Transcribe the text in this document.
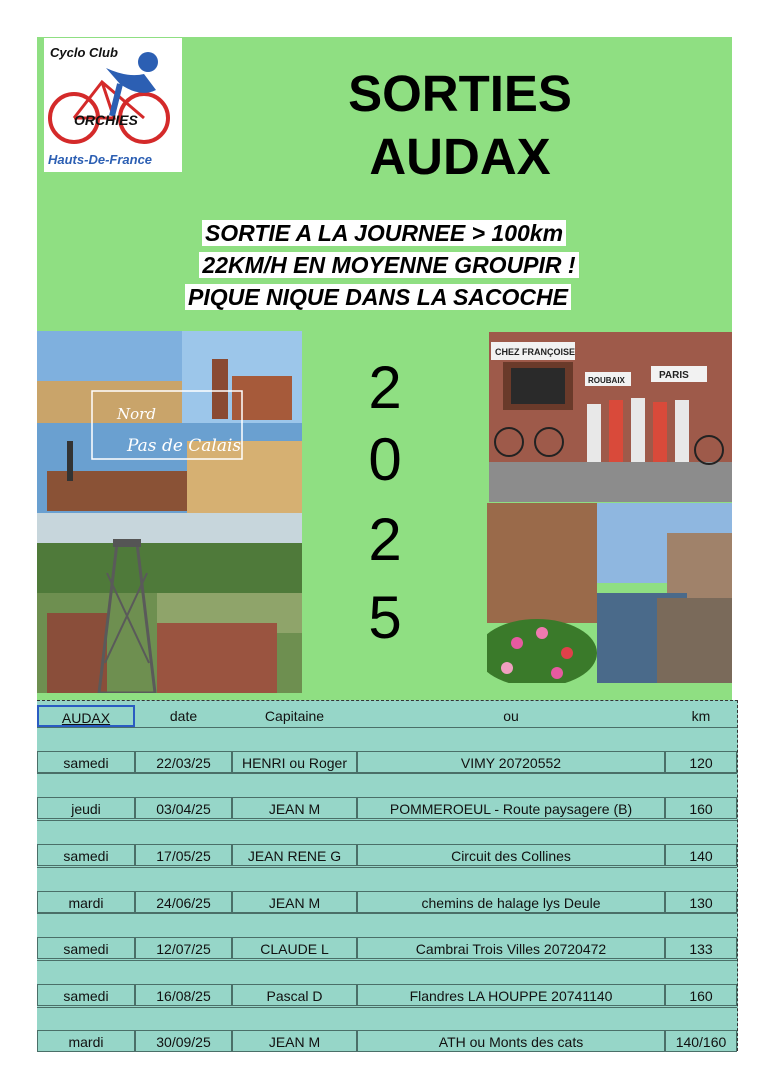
Cyclo Club
ORCHIES
Hauts-De-France
SORTIES
AUDAX
SORTIE A LA JOURNEE > 100km
22KM/H EN MOYENNE GROUPIR !
PIQUE NIQUE DANS LA SACOCHE
2
0
2
5
Nord
Pas de Calais
CHEZ FRANÇOISE
ROUBAIX	PARIS
AUDAX	date	Capitaine	ou	km
samedi	22/03/25	HENRI ou Roger	VIMY 20720552	120
jeudi	03/04/25	JEAN M	POMMEROEUL - Route paysagere (B)	160
samedi	17/05/25	JEAN RENE G	Circuit des Collines	140
mardi	24/06/25	JEAN M	chemins de halage lys Deule	130
samedi	12/07/25	CLAUDE L	Cambrai Trois Villes 20720472	133
samedi	16/08/25	Pascal D	Flandres LA HOUPPE 20741140	160
mardi	30/09/25	JEAN M	ATH ou Monts des cats	140/160
